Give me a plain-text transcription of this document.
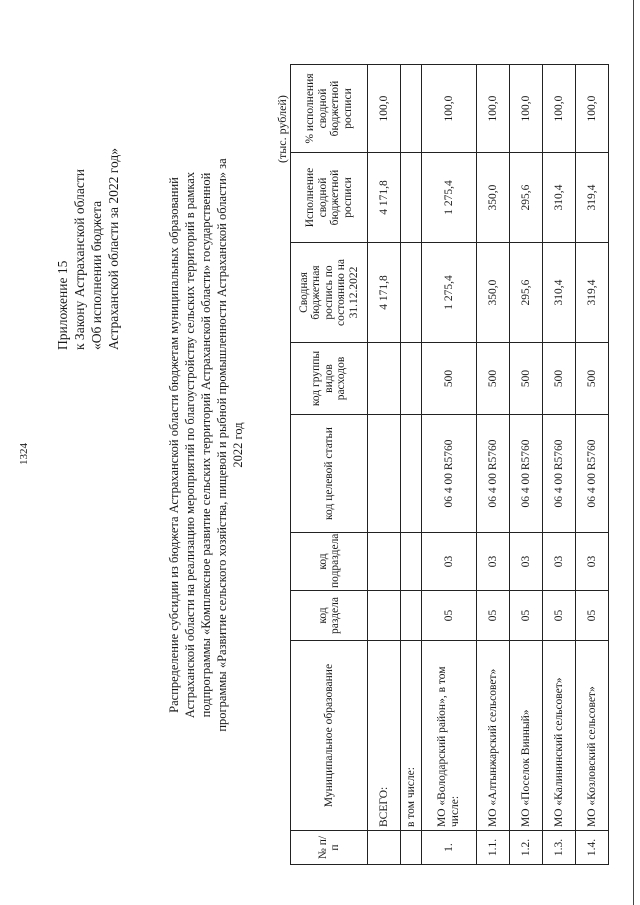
1324
Приложение 15 к Закону Астраханской области «Об исполнении бюджета Астраханской области за 2022 год»	Распределение субсидии из бюджета Астраханской области бюджетам муниципальных образований Астраханской области на реализацию мероприятий по благоустройству сельских территорий в рамках подпрограммы «Комплексное развитие сельских территорий Астраханской области» государственной программы «Развитие сельского хозяйства, пищевой и рыбной промышленности Астраханской области» за 2022 год
(тыс. рублей)
№ п/п	Муниципальное образование	код раздела	код подраздела	код целевой статьи	код группы видов расходов	Сводная бюджетная роспись по состоянию на 31.12.2022	Исполнение сводной бюджетной росписи	% исполнения сводной бюджетной росписи
	ВСЕГО:					4 171,8	4 171,8	100,0
	в том числе:							
1.	МО «Володарский район», в том числе:	05	03	06 4 00 R5760	500	1 275,4	1 275,4	100,0
1.1.	МО «Алтынжарский сельсовет»	05	03	06 4 00 R5760	500	350,0	350,0	100,0
1.2.	МО «Поселок Винный»	05	03	06 4 00 R5760	500	295,6	295,6	100,0
1.3.	МО «Калининский сельсовет»	05	03	06 4 00 R5760	500	310,4	310,4	100,0
1.4.	МО «Козловский сельсовет»	05	03	06 4 00 R5760	500	319,4	319,4	100,0
